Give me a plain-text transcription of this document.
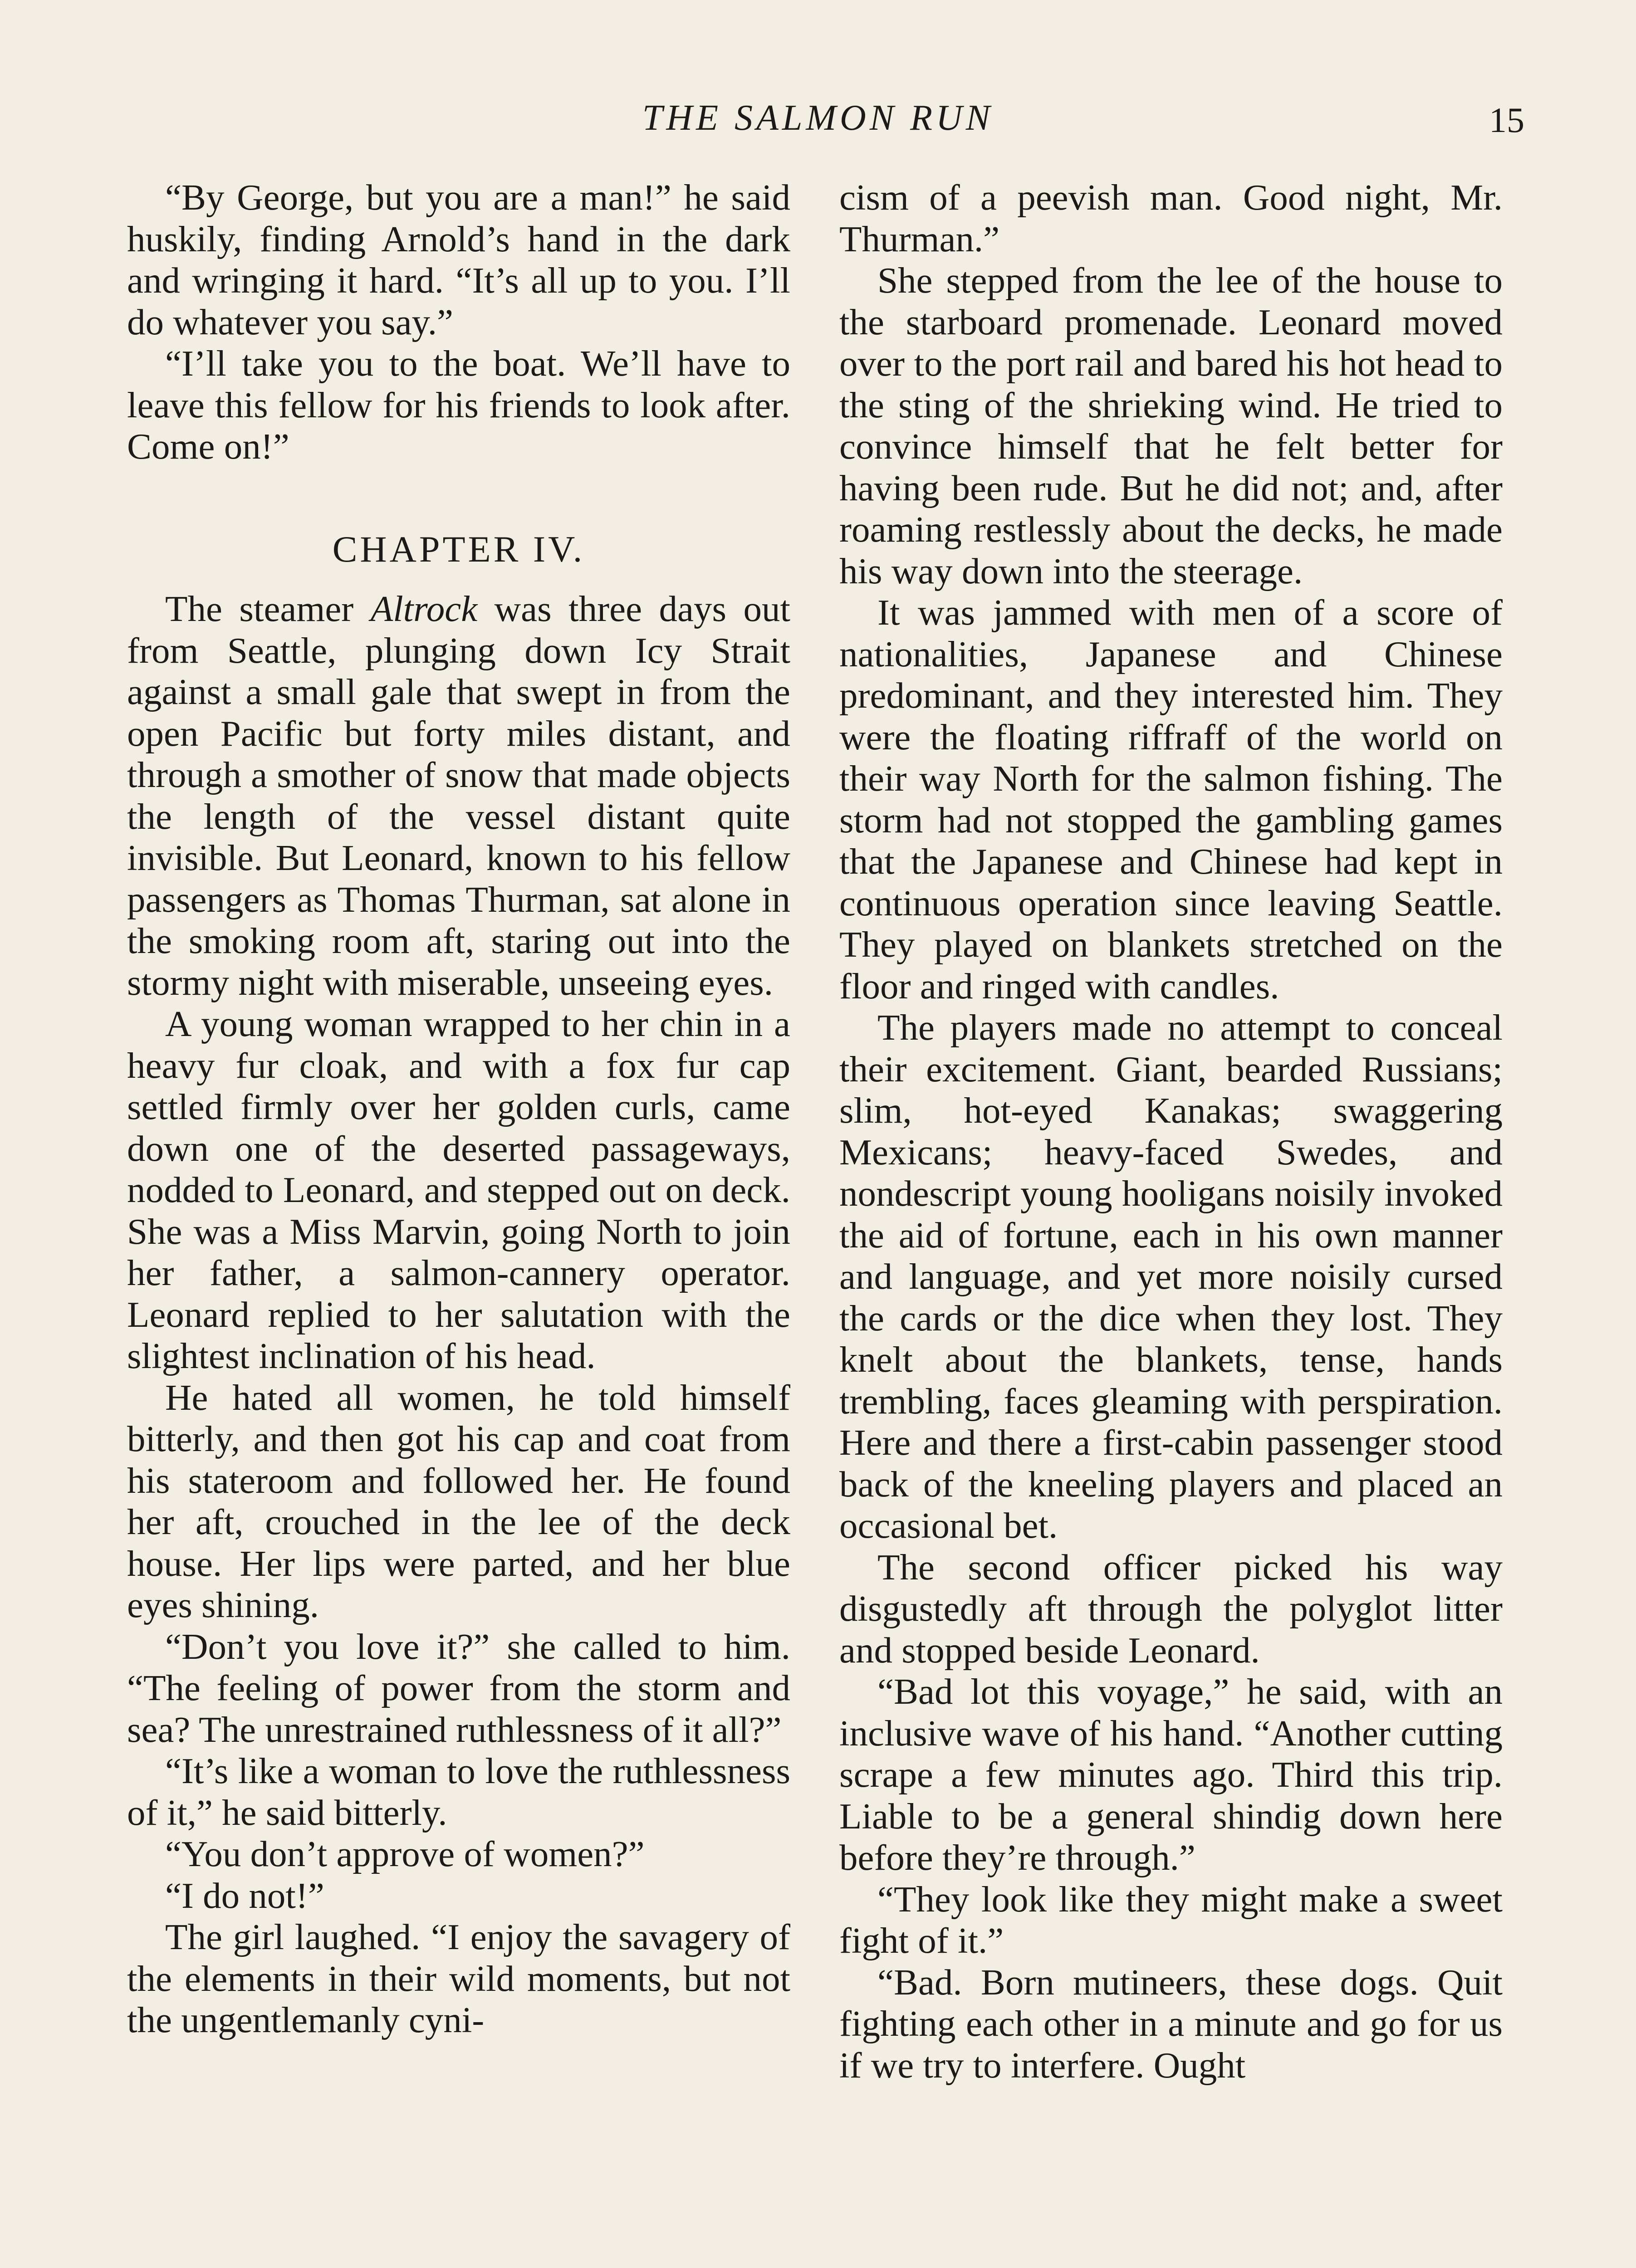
THE SALMON RUN	15

“By George, but you are a man!” he said huskily, finding Arnold’s hand in the dark and wringing it hard. “It’s all up to you. I’ll do whatever you say.”

“I’ll take you to the boat. We’ll have to leave this fellow for his friends to look after. Come on!”

CHAPTER IV.

The steamer Altrock was three days out from Seattle, plunging down Icy Strait against a small gale that swept in from the open Pacific but forty miles distant, and through a smother of snow that made objects the length of the vessel distant quite invisible. But Leonard, known to his fellow passengers as Thomas Thurman, sat alone in the smoking room aft, staring out into the stormy night with miserable, unseeing eyes.

A young woman wrapped to her chin in a heavy fur cloak, and with a fox fur cap settled firmly over her golden curls, came down one of the deserted passageways, nodded to Leonard, and stepped out on deck. She was a Miss Marvin, going North to join her father, a salmon-cannery operator. Leonard replied to her salutation with the slightest inclination of his head.

He hated all women, he told himself bitterly, and then got his cap and coat from his stateroom and followed her. He found her aft, crouched in the lee of the deck house. Her lips were parted, and her blue eyes shining.

“Don’t you love it?” she called to him. “The feeling of power from the storm and sea? The unrestrained ruthlessness of it all?”

“It’s like a woman to love the ruthlessness of it,” he said bitterly.

“You don’t approve of women?”

“I do not!”

The girl laughed. “I enjoy the savagery of the elements in their wild moments, but not the ungentlemanly cyni-

cism of a peevish man. Good night, Mr. Thurman.”

She stepped from the lee of the house to the starboard promenade. Leonard moved over to the port rail and bared his hot head to the sting of the shrieking wind. He tried to convince himself that he felt better for having been rude. But he did not; and, after roaming restlessly about the decks, he made his way down into the steerage.

It was jammed with men of a score of nationalities, Japanese and Chinese predominant, and they interested him. They were the floating riffraff of the world on their way North for the salmon fishing. The storm had not stopped the gambling games that the Japanese and Chinese had kept in continuous operation since leaving Seattle. They played on blankets stretched on the floor and ringed with candles.

The players made no attempt to conceal their excitement. Giant, bearded Russians; slim, hot-eyed Kanakas; swaggering Mexicans; heavy-faced Swedes, and nondescript young hooligans noisily invoked the aid of fortune, each in his own manner and language, and yet more noisily cursed the cards or the dice when they lost. They knelt about the blankets, tense, hands trembling, faces gleaming with perspiration. Here and there a first-cabin passenger stood back of the kneeling players and placed an occasional bet.

The second officer picked his way disgustedly aft through the polyglot litter and stopped beside Leonard.

“Bad lot this voyage,” he said, with an inclusive wave of his hand. “Another cutting scrape a few minutes ago. Third this trip. Liable to be a general shindig down here before they’re through.”

“They look like they might make a sweet fight of it.”

“Bad. Born mutineers, these dogs. Quit fighting each other in a minute and go for us if we try to interfere. Ought
